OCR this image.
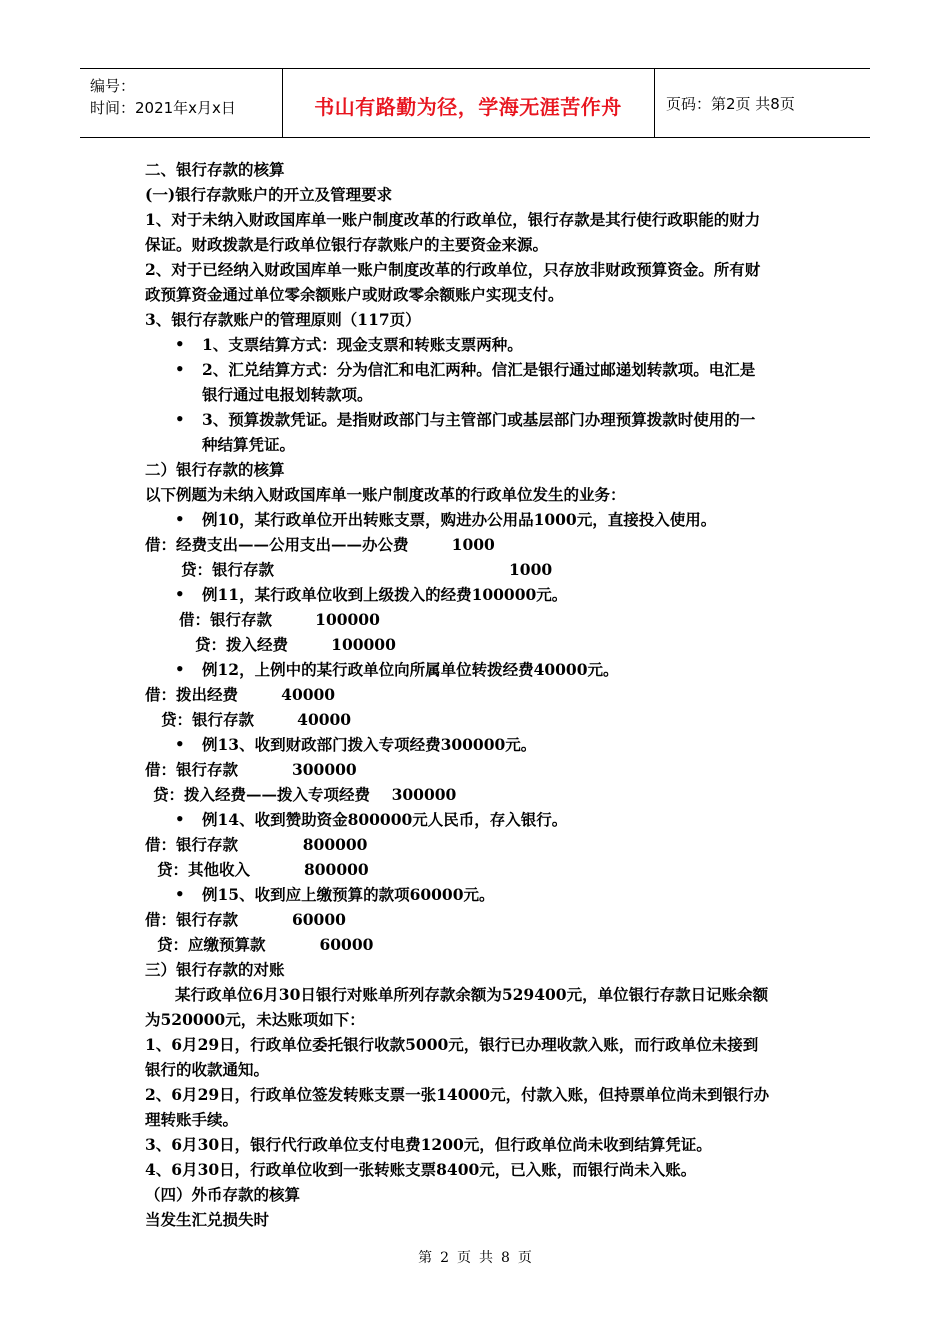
编号：
时间：2021年x月x日	书山有路勤为径，学海无涯苦作舟	页码：第2页 共8页
二、银行存款的核算
(一)银行存款账户的开立及管理要求
1、对于未纳入财政国库单一账户制度改革的行政单位，银行存款是其行使行政职能的财力
保证。财政拨款是行政单位银行存款账户的主要资金来源。
2、对于已经纳入财政国库单一账户制度改革的行政单位，只存放非财政预算资金。所有财
政预算资金通过单位零余额账户或财政零余额账户实现支付。
3、银行存款账户的管理原则（117页）
• 1、支票结算方式：现金支票和转账支票两种。
• 2、汇兑结算方式：分为信汇和电汇两种。信汇是银行通过邮递划转款项。电汇是
银行通过电报划转款项。
• 3、预算拨款凭证。是指财政部门与主管部门或基层部门办理预算拨款时使用的一
种结算凭证。
二）银行存款的核算
以下例题为未纳入财政国库单一账户制度改革的行政单位发生的业务：
• 例10，某行政单位开出转账支票，购进办公用品1000元，直接投入使用。
借：经费支出——公用支出——办公费        1000
贷：银行存款	1000
• 例11，某行政单位收到上级拨入的经费100000元。
借：银行存款        100000
贷：拨入经费        100000
• 例12，上例中的某行政单位向所属单位转拨经费40000元。
借：拨出经费        40000
贷：银行存款        40000
• 例13、收到财政部门拨入专项经费300000元。
借：银行存款          300000
贷：拨入经费——拨入专项经费    300000
• 例14、收到赞助资金800000元人民币，存入银行。
借：银行存款            800000
贷：其他收入          800000
• 例15、收到应上缴预算的款项60000元。
借：银行存款          60000
贷：应缴预算款          60000
三）银行存款的对账
某行政单位6月30日银行对账单所列存款余额为529400元，单位银行存款日记账余额
为520000元，未达账项如下：
1、6月29日，行政单位委托银行收款5000元，银行已办理收款入账，而行政单位未接到
银行的收款通知。
2、6月29日，行政单位签发转账支票一张14000元，付款入账，但持票单位尚未到银行办
理转账手续。
3、6月30日，银行代行政单位支付电费1200元，但行政单位尚未收到结算凭证。
4、6月30日，行政单位收到一张转账支票8400元，已入账，而银行尚未入账。
（四）外币存款的核算
当发生汇兑损失时
第 2 页 共 8 页
